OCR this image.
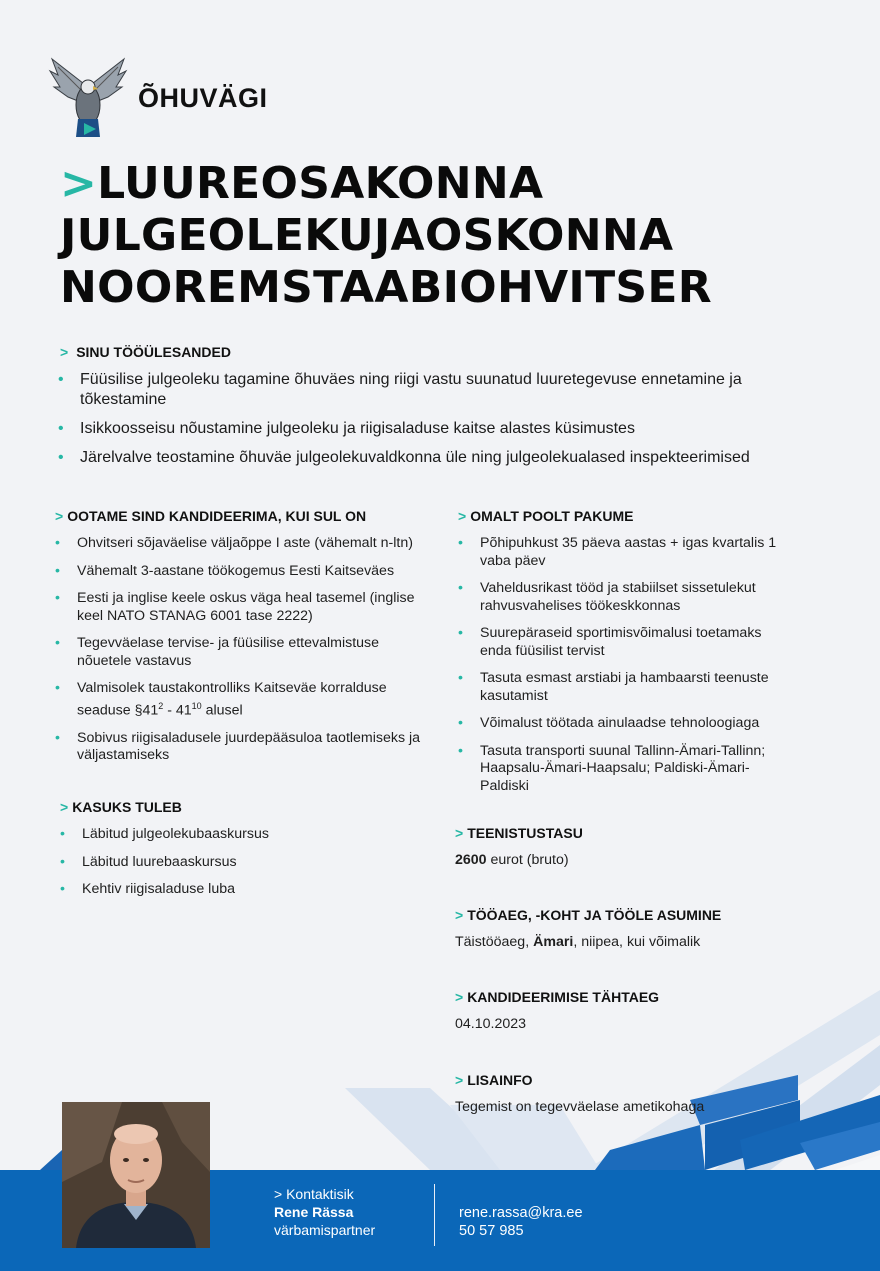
ÕHUVÄGI
>LUUREOSAKONNA
JULGEOLEKUJAOSKONNA
NOOREMSTAABIOHVITSER
> SINU TÖÖÜLESANDED
• Füüsilise julgeoleku tagamine õhuväes ning riigi vastu suunatud luuretegevuse ennetamine ja tõkestamine
• Isikkoosseisu nõustamine julgeoleku ja riigisaladuse kaitse alastes küsimustes
• Järelvalve teostamine õhuväe julgeolekuvaldkonna üle ning julgeolekualased inspekteerimised
> OOTAME SIND KANDIDEERIMA, KUI SUL ON
• Ohvitseri sõjaväelise väljaõppe I aste (vähemalt n-ltn)
• Vähemalt 3-aastane töökogemus Eesti Kaitseväes
• Eesti ja inglise keele oskus väga heal tasemel (inglise keel NATO STANAG 6001 tase 2222)
• Tegevväelase tervise- ja füüsilise ettevalmistuse nõuetele vastavus
• Valmisolek taustakontrolliks Kaitseväe korralduse seaduse $\S 41^2 - 41^{10}$ alusel
• Sobivus riigisaladusele juurdepääsuloa taotlemiseks ja väljastamiseks
> KASUKS TULEB
• Läbitud julgeolekubaaskursus
• Läbitud luurebaaskursus
• Kehtiv riigisaladuse luba
> OMALT POOLT PAKUME
• Põhipuhkust 35 päeva aastas + igas kvartalis 1 vaba päev
• Vaheldusrikast tööd ja stabiilset sissetulekut rahvusvahelises töökeskkonnas
• Suurepäraseid sportimisvõimalusi toetamaks enda füüsilist tervist
• Tasuta esmast arstiabi ja hambaarsti teenuste kasutamist
• Võimalust töötada ainulaadse tehnoloogiaga
• Tasuta transporti suunal Tallinn-Ämari-Tallinn; Haapsalu-Ämari-Haapsalu; Paldiski-Ämari-Paldiski
> TEENISTUSTASU
2600 eurot (bruto)
> TÖÖAEG, -KOHT JA TÖÖLE ASUMINE
Täistööaeg, Ämari, niipea, kui võimalik
> KANDIDEERIMISE TÄHTAEG
04.10.2023
> LISAINFO
Tegemist on tegevväelase ametikohaga
> Kontaktisik
Rene Rässa
värbamispartner
rene.rassa@kra.ee
50 57 985
